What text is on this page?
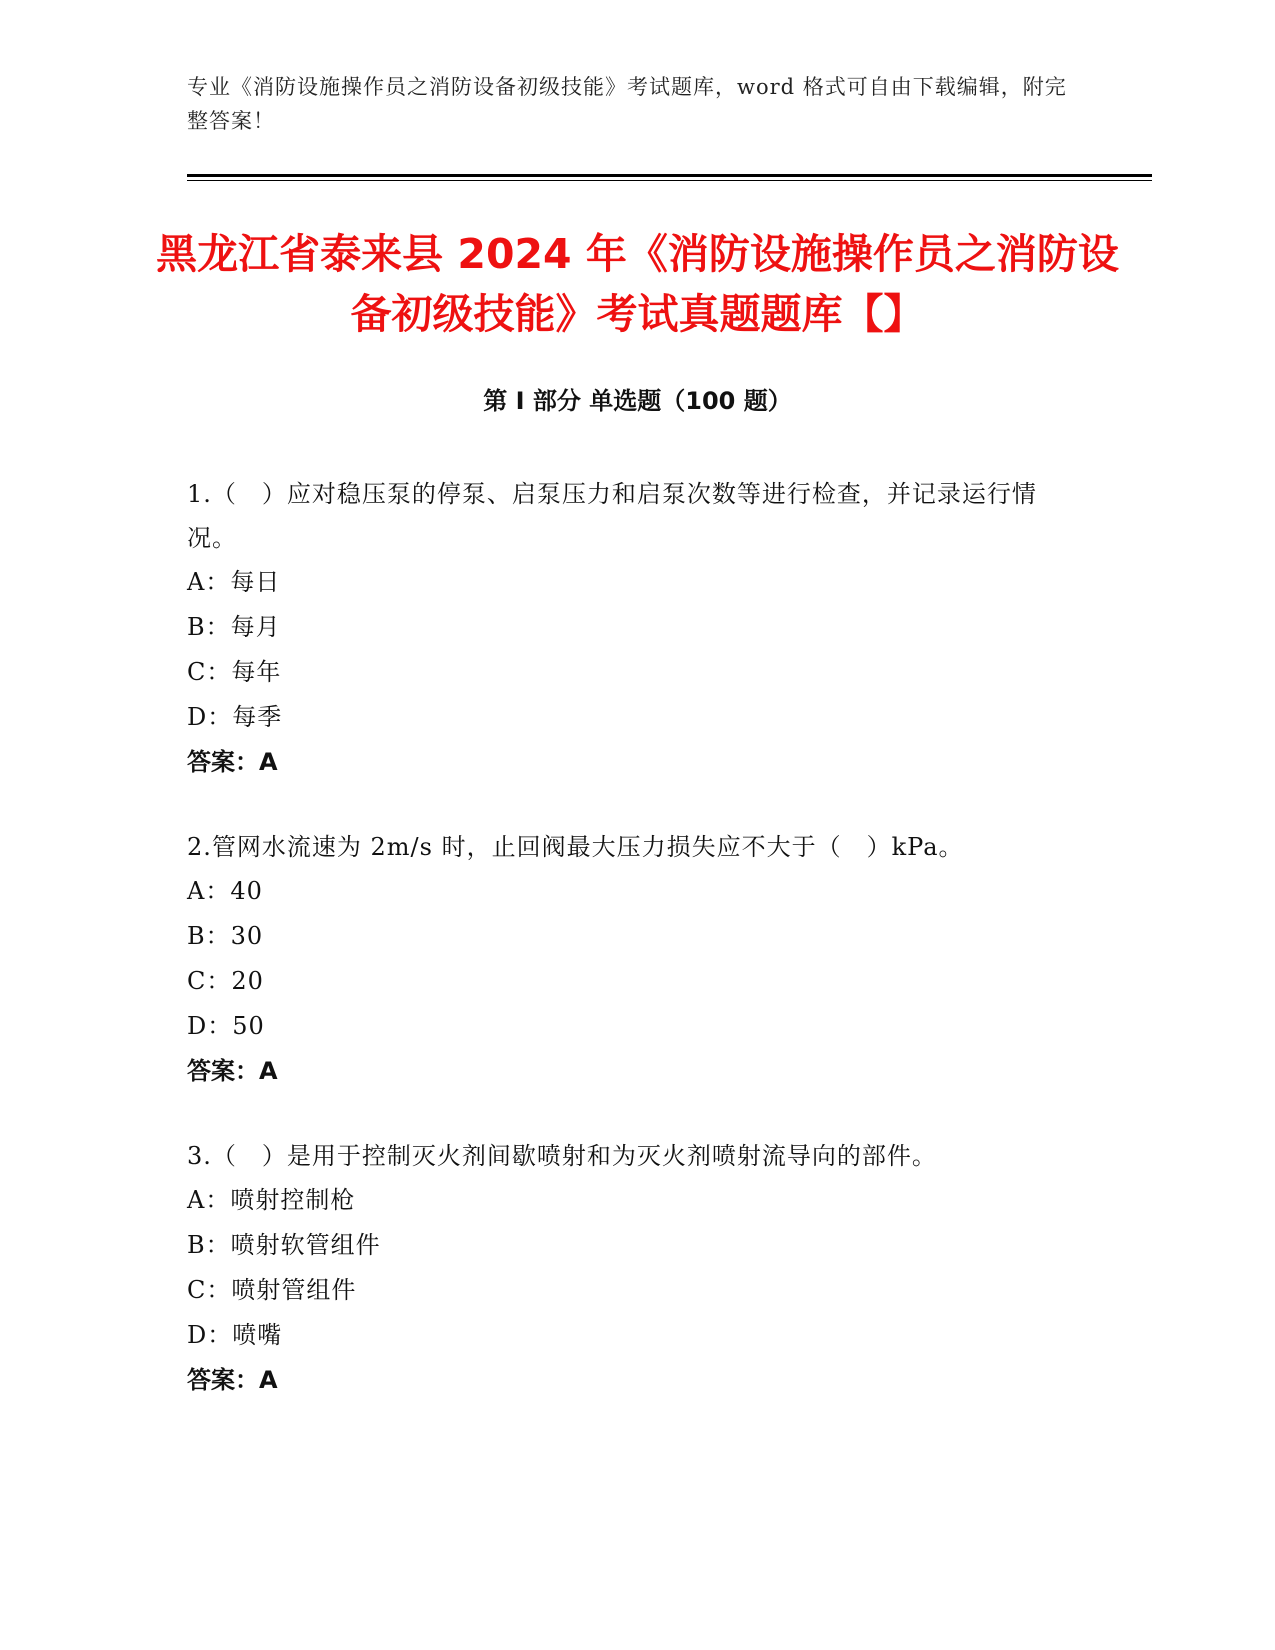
专业《消防设施操作员之消防设备初级技能》考试题库，word 格式可自由下载编辑，附完整答案！
黑龙江省泰来县 2024 年《消防设施操作员之消防设备初级技能》考试真题题库【】
第 I 部分 单选题（100 题）
1.（　）应对稳压泵的停泵、启泵压力和启泵次数等进行检查，并记录运行情况。
A：每日
B：每月
C：每年
D：每季
答案：A
2.管网水流速为 2m/s 时，止回阀最大压力损失应不大于（　）kPa。
A：40
B：30
C：20
D：50
答案：A
3.（　）是用于控制灭火剂间歇喷射和为灭火剂喷射流导向的部件。
A：喷射控制枪
B：喷射软管组件
C：喷射管组件
D：喷嘴
答案：A
